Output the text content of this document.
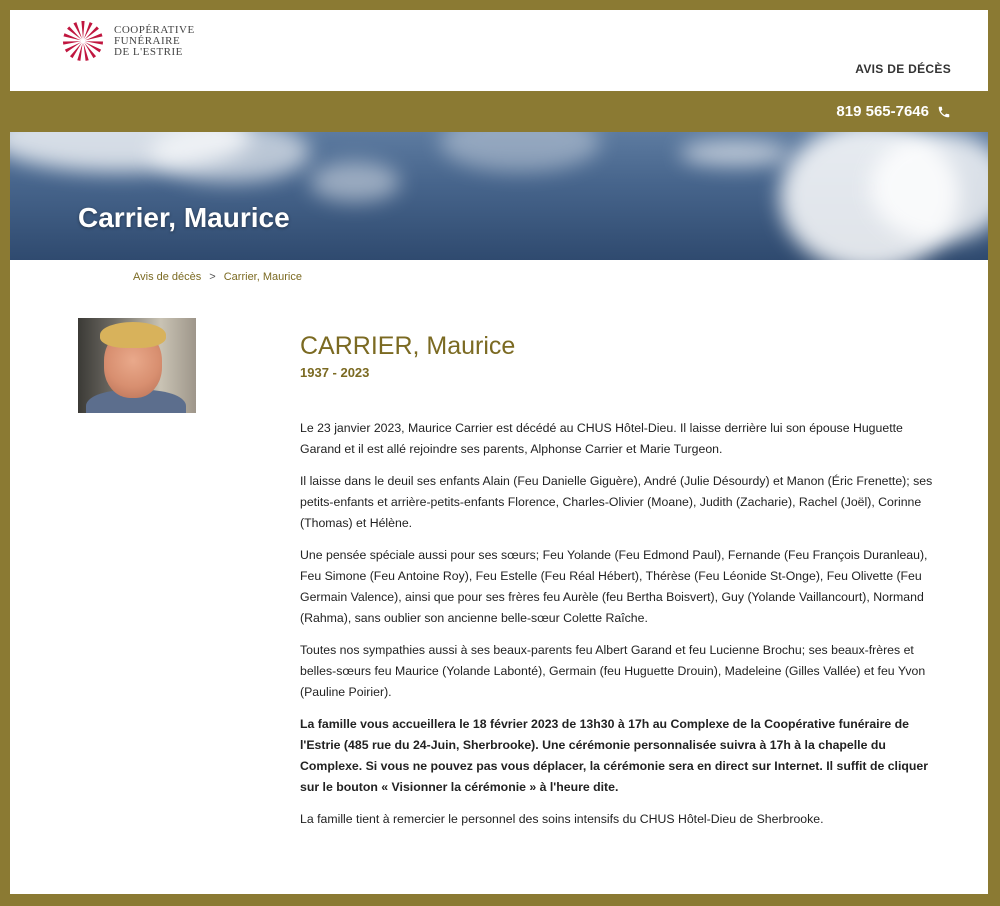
COOPÉRATIVE
FUNÉRAIRE
DE L'ESTRIE
AVIS DE DÉCÈS
819 565-7646
Carrier, Maurice
Avis de décès > Carrier, Maurice
CARRIER, Maurice
1937 - 2023

Le 23 janvier 2023, Maurice Carrier est décédé au CHUS Hôtel-Dieu. Il laisse derrière lui son épouse Huguette Garand et il est allé rejoindre ses parents, Alphonse Carrier et Marie Turgeon.

Il laisse dans le deuil ses enfants Alain (Feu Danielle Giguère), André (Julie Désourdy) et Manon (Éric Frenette); ses petits-enfants et arrière-petits-enfants Florence, Charles-Olivier (Moane), Judith (Zacharie), Rachel (Joël), Corinne (Thomas) et Hélène.

Une pensée spéciale aussi pour ses sœurs; Feu Yolande (Feu Edmond Paul), Fernande (Feu François Duranleau), Feu Simone (Feu Antoine Roy), Feu Estelle (Feu Réal Hébert), Thérèse (Feu Léonide St-Onge), Feu Olivette (Feu Germain Valence), ainsi que pour ses frères feu Aurèle (feu Bertha Boisvert), Guy (Yolande Vaillancourt), Normand (Rahma), sans oublier son ancienne belle-sœur Colette Raîche.

Toutes nos sympathies aussi à ses beaux-parents feu Albert Garand et feu Lucienne Brochu; ses beaux-frères et belles-sœurs feu Maurice (Yolande Labonté), Germain (feu Huguette Drouin), Madeleine (Gilles Vallée) et feu Yvon (Pauline Poirier).

La famille vous accueillera le 18 février 2023 de 13h30 à 17h au Complexe de la Coopérative funéraire de l'Estrie (485 rue du 24-Juin, Sherbrooke). Une cérémonie personnalisée suivra à 17h à la chapelle du Complexe. Si vous ne pouvez pas vous déplacer, la cérémonie sera en direct sur Internet. Il suffit de cliquer sur le bouton « Visionner la cérémonie » à l'heure dite.

La famille tient à remercier le personnel des soins intensifs du CHUS Hôtel-Dieu de Sherbrooke.
